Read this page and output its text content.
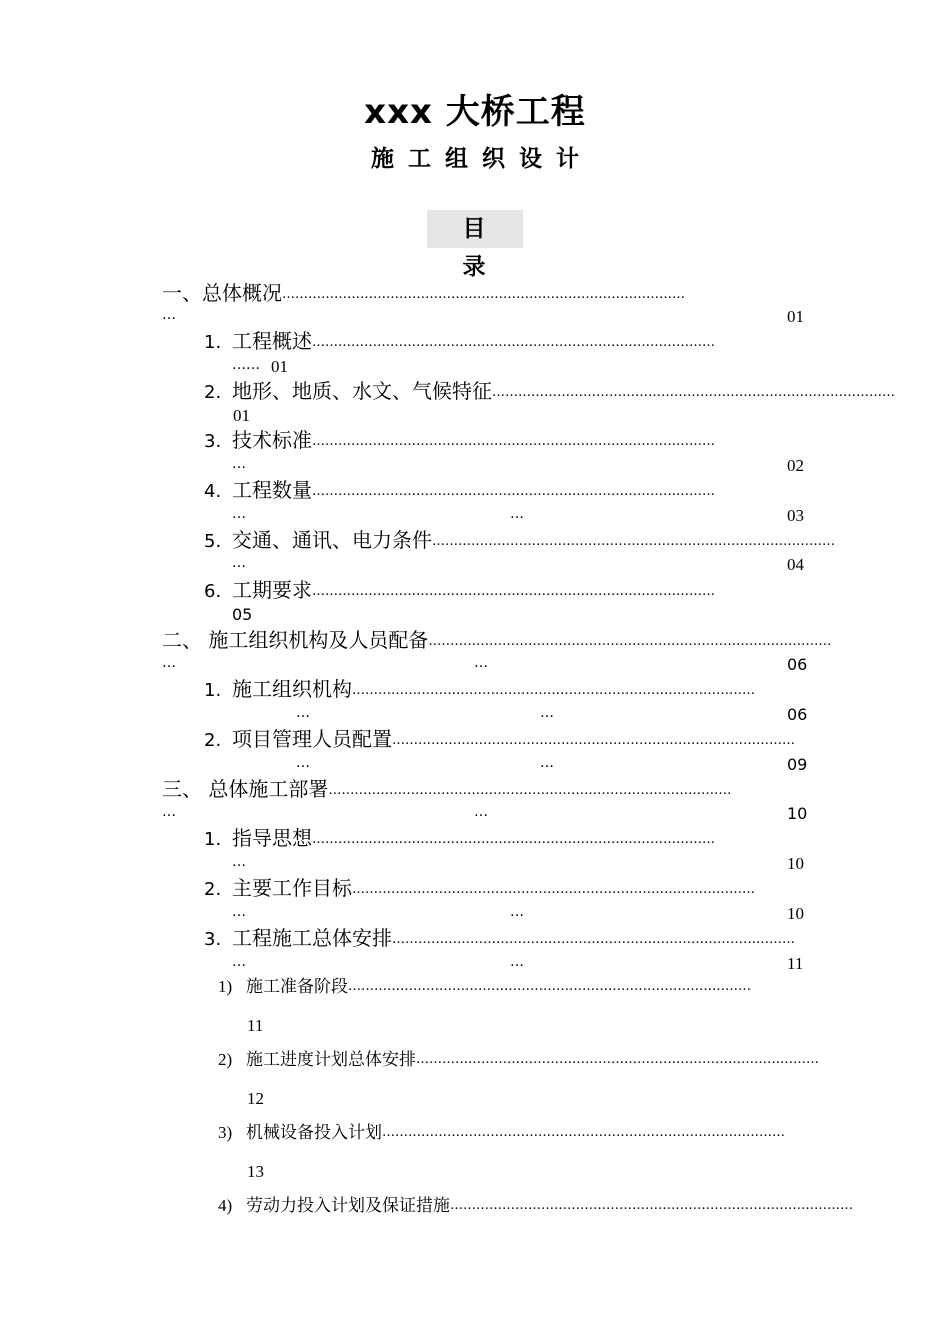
xxx 大桥工程
施工组织设计
目录
一、总体概况…………………………………………………………………………………
…	01
1. 工程概述…………………………………………………………………………………
…… 01
2. 地形、地质、水文、气候特征…………………………………………………………………………………
01
3. 技术标准…………………………………………………………………………………
…	02
4. 工程数量…………………………………………………………………………………
…	…	03
5. 交通、通讯、电力条件…………………………………………………………………………………
…	04
6. 工期要求…………………………………………………………………………………
05
二、 施工组织机构及人员配备…………………………………………………………………………………
…	…	06
1. 施工组织机构…………………………………………………………………………………
…	…	06
2. 项目管理人员配置…………………………………………………………………………………
…	…	09
三、 总体施工部署…………………………………………………………………………………
…	…	10
1. 指导思想…………………………………………………………………………………
…	10
2. 主要工作目标…………………………………………………………………………………
…	…	10
3. 工程施工总体安排…………………………………………………………………………………
…	…	11
1) 施工准备阶段…………………………………………………………………………………
11
2) 施工进度计划总体安排…………………………………………………………………………………
12
3) 机械设备投入计划…………………………………………………………………………………
13
4) 劳动力投入计划及保证措施…………………………………………………………………………………
